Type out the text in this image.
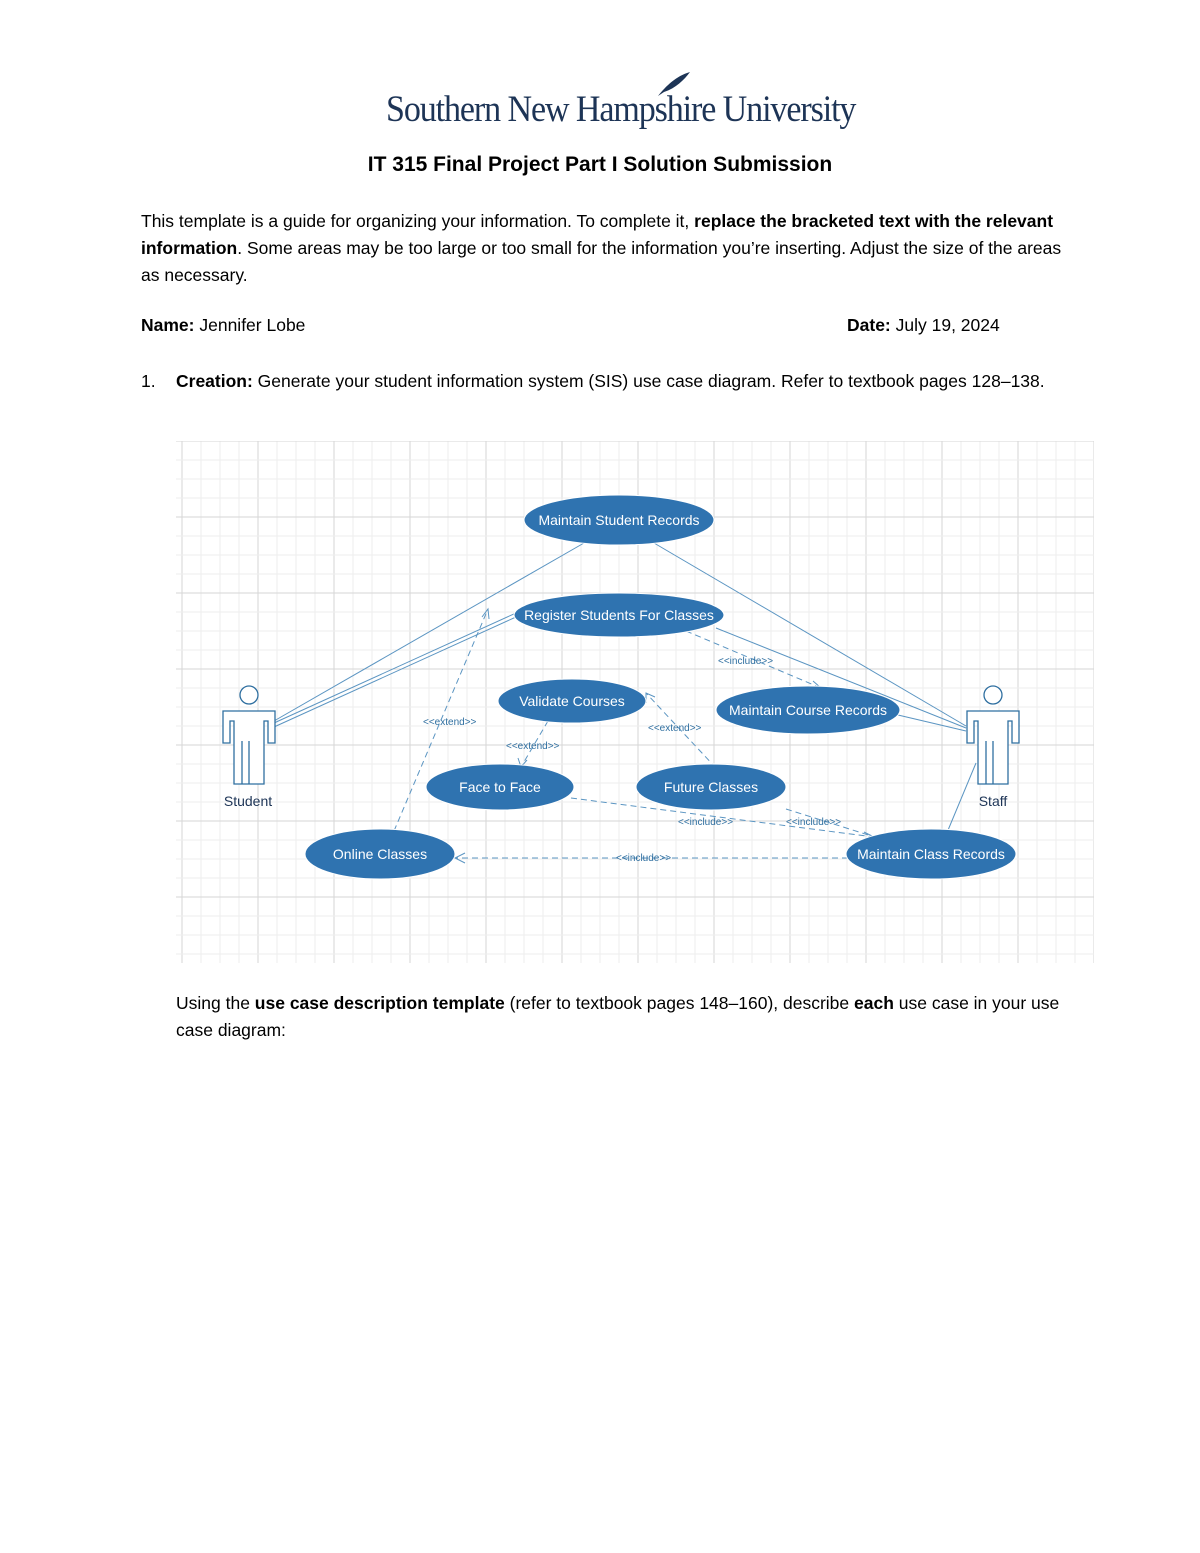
Southern New Hampshire University
IT 315 Final Project Part I Solution Submission
This template is a guide for organizing your information. To complete it, replace the bracketed text with the relevant information. Some areas may be too large or too small for the information you’re inserting. Adjust the size of the areas as necessary.
Name: Jennifer Lobe	Date: July 19, 2024
1. Creation: Generate your student information system (SIS) use case diagram. Refer to textbook pages 128–138.
<<include>>
<<extend>>
<<extend>>
<<extend>>
<<include>>	<<include>>
<<include>>
Maintain Student Records
Register Students For Classes
Validate Courses
Maintain Course Records
Face to Face	Future Classes
Online Classes	Maintain Class Records
Student	Staff
Using the use case description template (refer to textbook pages 148–160), describe each use case in your use case diagram:
